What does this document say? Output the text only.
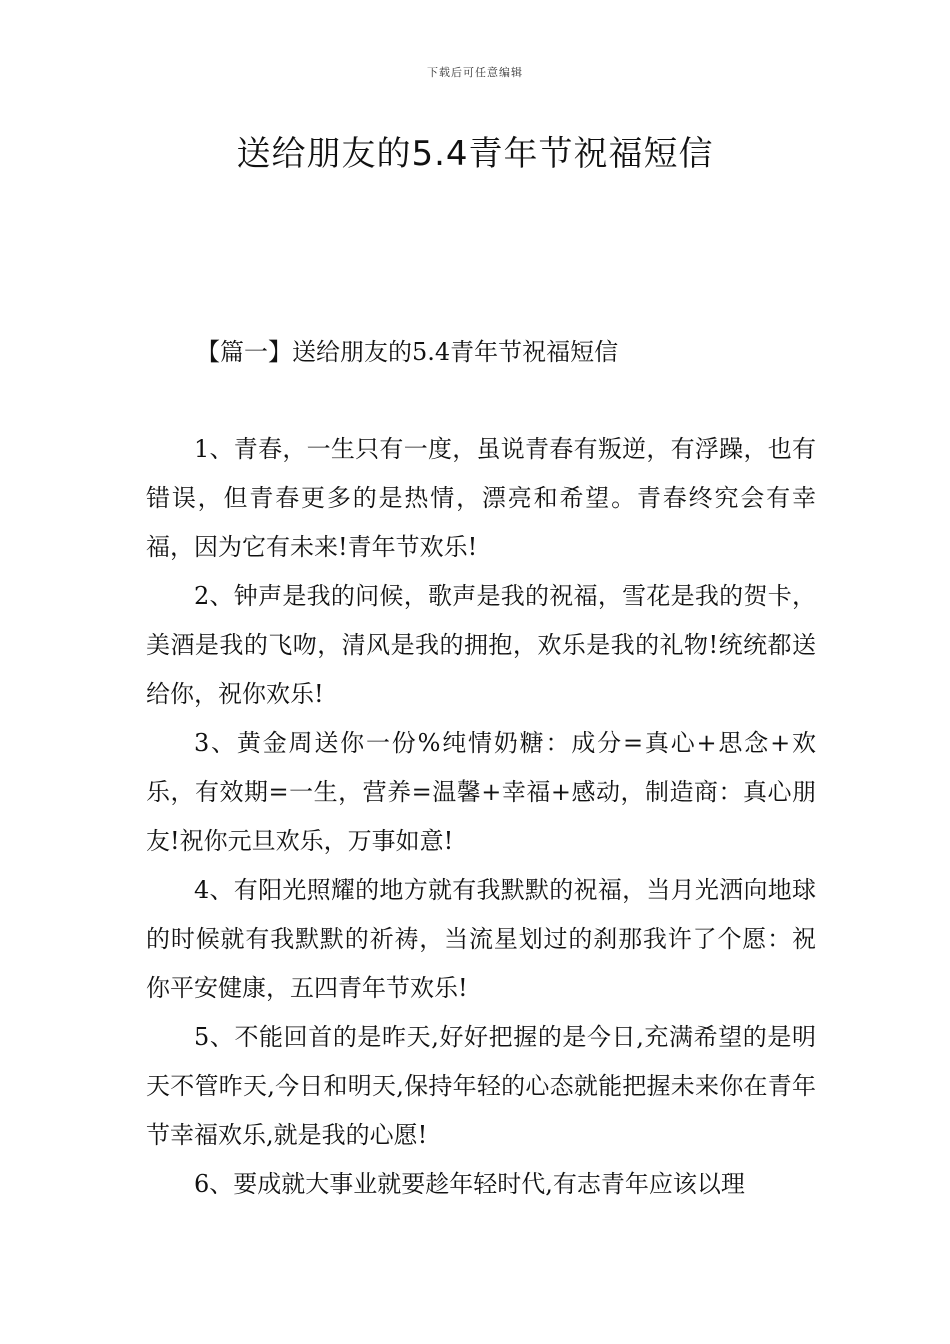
下载后可任意编辑
送给朋友的5.4青年节祝福短信
【篇一】送给朋友的5.4青年节祝福短信

1、青春，一生只有一度，虽说青春有叛逆，有浮躁，也有错误，但青春更多的是热情，漂亮和希望。青春终究会有幸福，因为它有未来!青年节欢乐!

2、钟声是我的问候，歌声是我的祝福，雪花是我的贺卡，美酒是我的飞吻，清风是我的拥抱，欢乐是我的礼物!统统都送给你，祝你欢乐!

3、黄金周送你一份%纯情奶糖：成分=真心+思念+欢乐，有效期=一生，营养=温馨+幸福+感动，制造商：真心朋友!祝你元旦欢乐，万事如意!

4、有阳光照耀的地方就有我默默的祝福，当月光洒向地球的时候就有我默默的祈祷，当流星划过的刹那我许了个愿：祝你平安健康，五四青年节欢乐!

5、不能回首的是昨天,好好把握的是今日,充满希望的是明天不管昨天,今日和明天,保持年轻的心态就能把握未来你在青年节幸福欢乐,就是我的心愿!

6、要成就大事业就要趁年轻时代,有志青年应该以理
